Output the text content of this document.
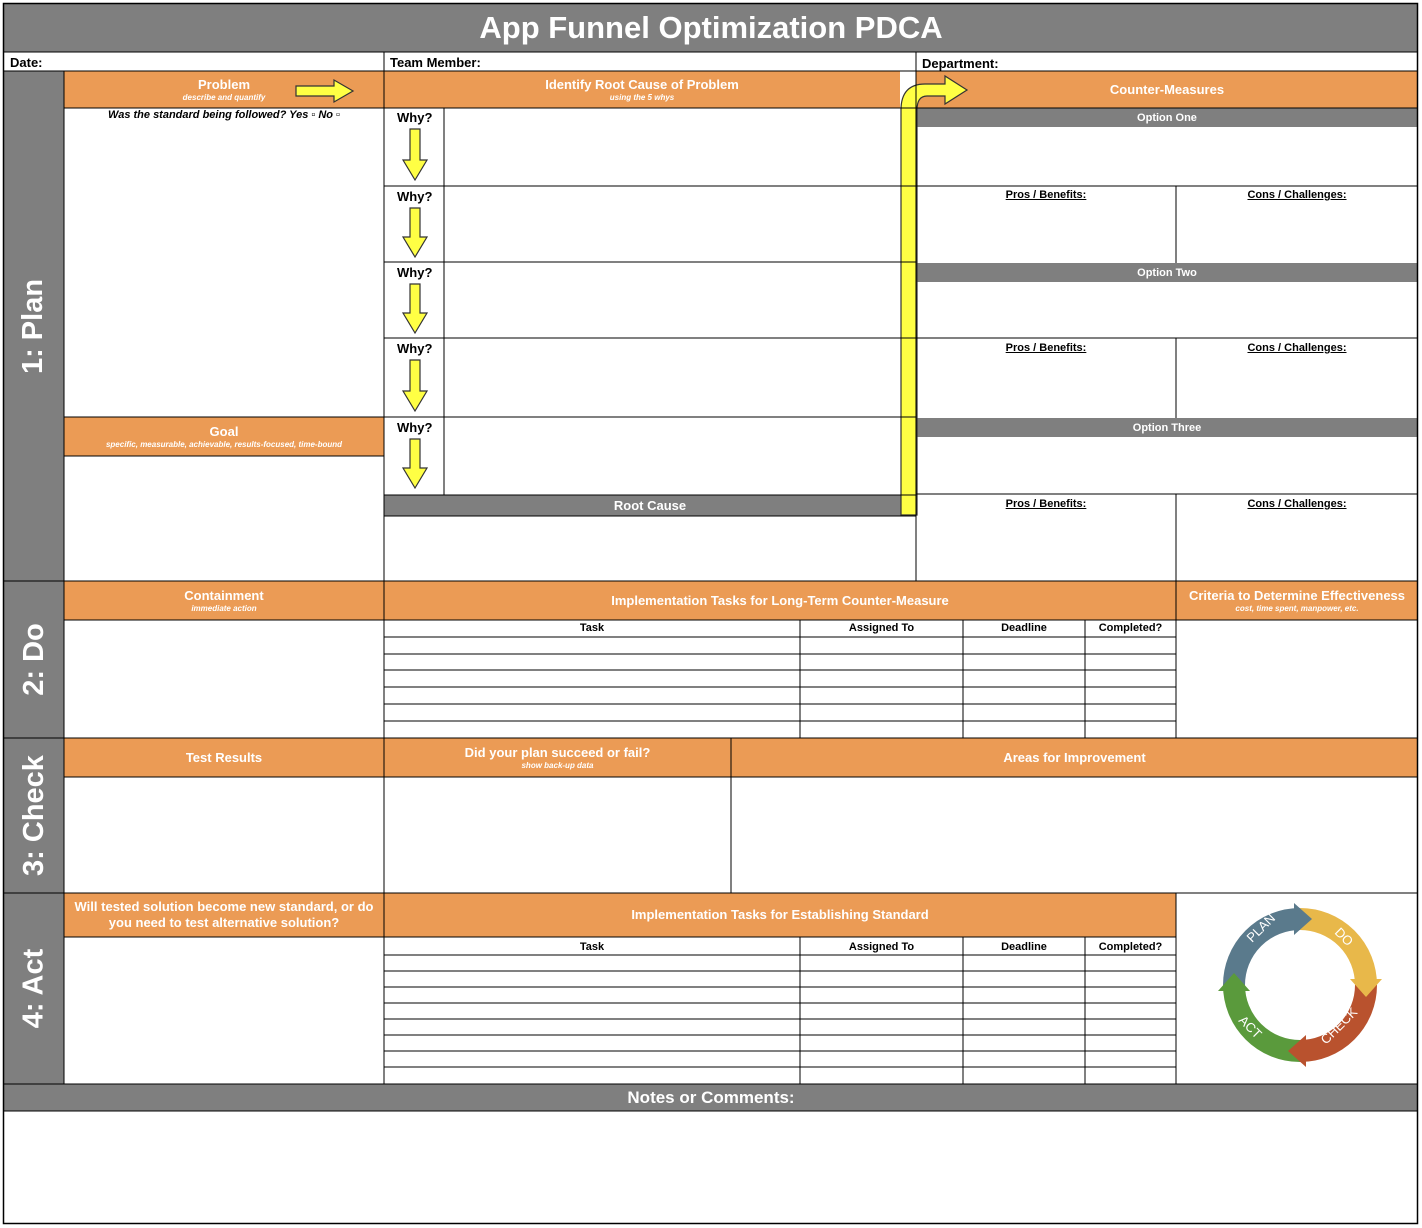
App Funnel Optimization PDCA
Date:	Team Member:	Department:
1: Plan
2: Do
3: Check
4: Act
Problem
describe and quantify
Was the standard being followed? Yes ▫ No ▫
Goal
specific, measurable, achievable, results-focused, time-bound
Identify Root Cause of Problem
using the 5 whys
Counter-Measures
Why?
Why?
Why?
Why?
Why?
Root Cause
Option One
Option Two
Option Three
Pros / Benefits:	Cons / Challenges:
Pros / Benefits:	Cons / Challenges:
Pros / Benefits:	Cons / Challenges:
Containment
immediate action
Implementation Tasks for Long-Term Counter-Measure	Criteria to Determine Effectiveness
cost, time spent, manpower, etc.
Task	Assigned To	Deadline	Completed?
Test Results	Did your plan succeed or fail?
show back-up data
Areas for Improvement
Will tested solution become new standard, or do you need to test alternative solution?
Implementation Tasks for Establishing Standard
Task	Assigned To	Deadline	Completed?
PLAN	DO
CHECK
ACT
Notes or Comments:
